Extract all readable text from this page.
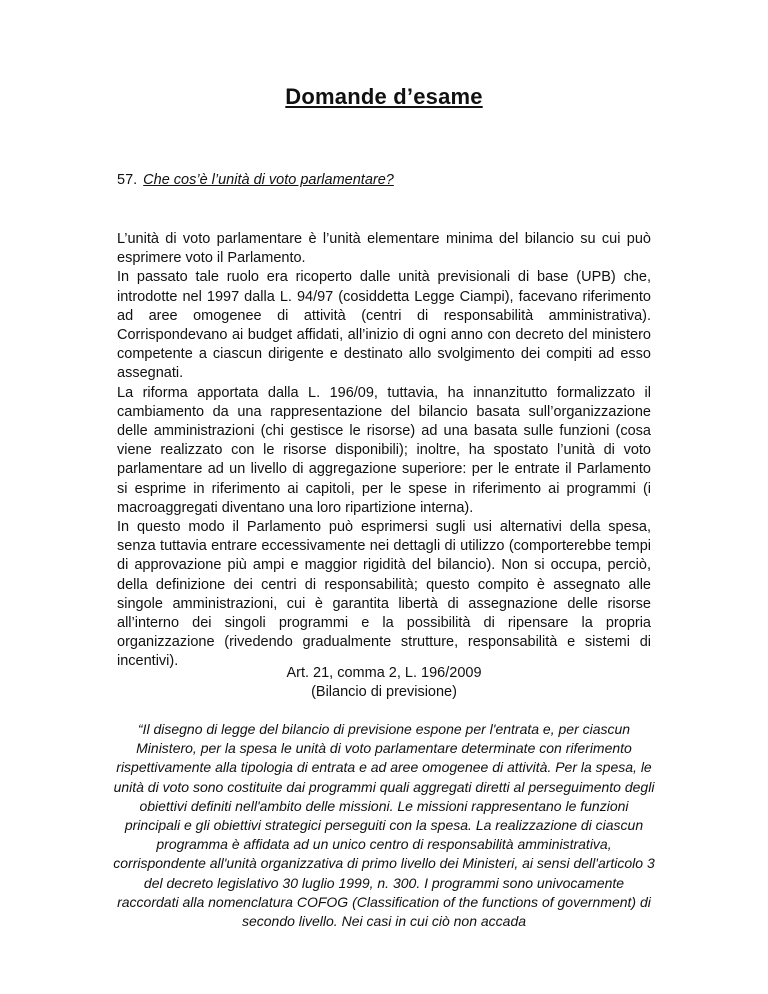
Domande d’esame
57. Che cos’è l’unità di voto parlamentare?

L’unità di voto parlamentare è l’unità elementare minima del bilancio su cui può esprimere voto il Parlamento.

In passato tale ruolo era ricoperto dalle unità previsionali di base (UPB) che, introdotte nel 1997 dalla L. 94/97 (cosiddetta Legge Ciampi), facevano riferimento ad aree omogenee di attività (centri di responsabilità amministrativa). Corrispondevano ai budget affidati, all’inizio di ogni anno con decreto del ministero competente a ciascun dirigente e destinato allo svolgimento dei compiti ad esso assegnati.

La riforma apportata dalla L. 196/09, tuttavia, ha innanzitutto formalizzato il cambiamento da una rappresentazione del bilancio basata sull’organizzazione delle amministrazioni (chi gestisce le risorse) ad una basata sulle funzioni (cosa viene realizzato con le risorse disponibili); inoltre, ha spostato l’unità di voto parlamentare ad un livello di aggregazione superiore: per le entrate il Parlamento si esprime in riferimento ai capitoli, per le spese in riferimento ai programmi (i macroaggregati diventano una loro ripartizione interna).

In questo modo il Parlamento può esprimersi sugli usi alternativi della spesa, senza tuttavia entrare eccessivamente nei dettagli di utilizzo (comporterebbe tempi di approvazione più ampi e maggior rigidità del bilancio). Non si occupa, perciò, della definizione dei centri di responsabilità; questo compito è assegnato alle singole amministrazioni, cui è garantita libertà di assegnazione delle risorse all’interno dei singoli programmi e la possibilità di ripensare la propria organizzazione (rivedendo gradualmente strutture, responsabilità e sistemi di incentivi).

Art. 21, comma 2, L. 196/2009

(Bilancio di previsione)

“Il disegno di legge del bilancio di previsione espone per l'entrata e, per ciascun Ministero, per la spesa le unità di voto parlamentare determinate con riferimento rispettivamente alla tipologia di entrata e ad aree omogenee di attività. Per la spesa, le unità di voto sono costituite dai programmi quali aggregati diretti al perseguimento degli obiettivi definiti nell'ambito delle missioni. Le missioni rappresentano le funzioni principali e gli obiettivi strategici perseguiti con la spesa. La realizzazione di ciascun programma è affidata ad un unico centro di responsabilità amministrativa, corrispondente all'unità organizzativa di primo livello dei Ministeri, ai sensi dell'articolo 3 del decreto legislativo 30 luglio 1999, n. 300. I programmi sono univocamente raccordati alla nomenclatura COFOG (Classification of the functions of government) di secondo livello. Nei casi in cui ciò non accada
